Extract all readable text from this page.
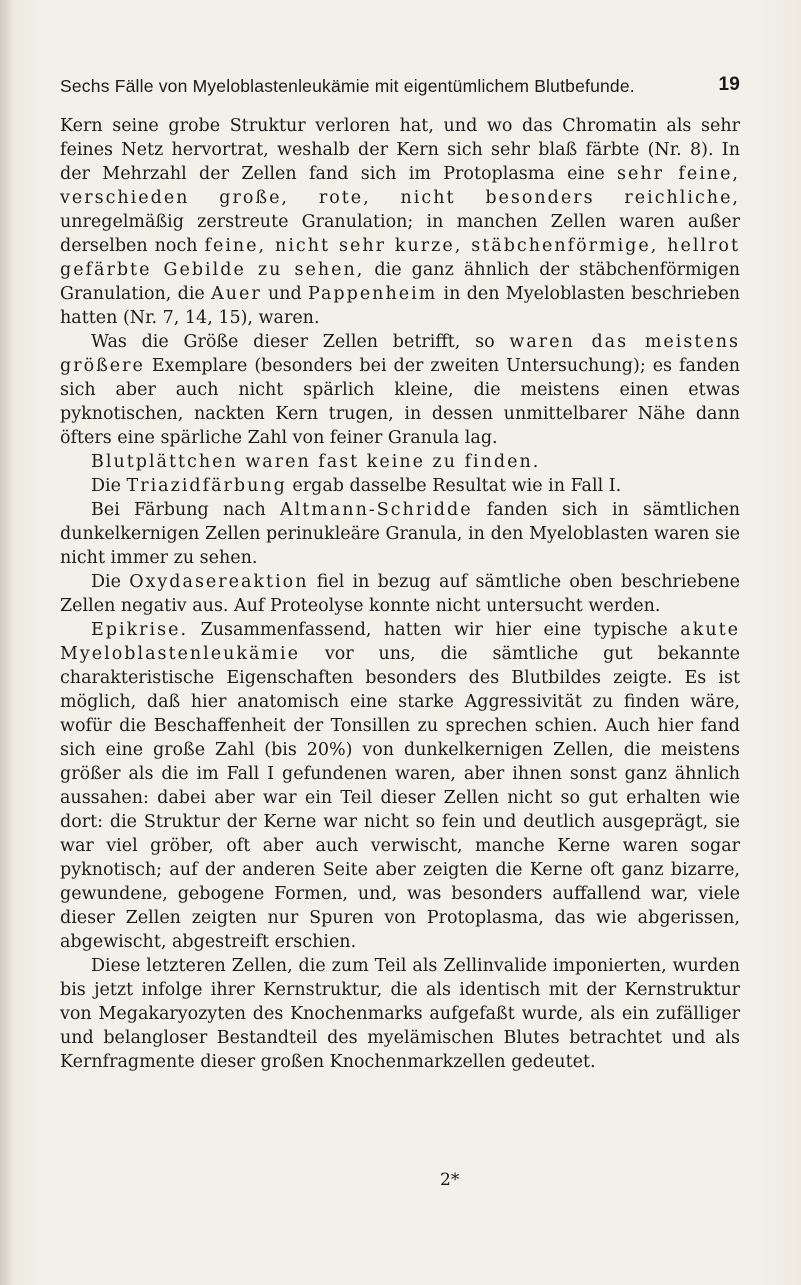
Sechs Fälle von Myeloblastenleukämie mit eigentümlichem Blutbefunde.	19

Kern seine grobe Struktur verloren hat, und wo das Chromatin als sehr feines Netz hervortrat, weshalb der Kern sich sehr blaß färbte (Nr. 8). In der Mehrzahl der Zellen fand sich im Protoplasma eine sehr feine, verschieden große, rote, nicht besonders reichliche, unregelmäßig zerstreute Granulation; in manchen Zellen waren außer derselben noch feine, nicht sehr kurze, stäbchenförmige, hellrot gefärbte Gebilde zu sehen, die ganz ähnlich der stäbchenförmigen Granulation, die Auer und Pappenheim in den Myeloblasten beschrieben hatten (Nr. 7, 14, 15), waren.

Was die Größe dieser Zellen betrifft, so waren das meistens größere Exemplare (besonders bei der zweiten Untersuchung); es fanden sich aber auch nicht spärlich kleine, die meistens einen etwas pyknotischen, nackten Kern trugen, in dessen unmittelbarer Nähe dann öfters eine spärliche Zahl von feiner Granula lag.

Blutplättchen waren fast keine zu finden.

Die Triazidfärbung ergab dasselbe Resultat wie in Fall I.

Bei Färbung nach Altmann-Schridde fanden sich in sämtlichen dunkelkernigen Zellen perinukleäre Granula, in den Myeloblasten waren sie nicht immer zu sehen.

Die Oxydasereaktion fiel in bezug auf sämtliche oben beschriebene Zellen negativ aus. Auf Proteolyse konnte nicht untersucht werden.

Epikrise. Zusammenfassend, hatten wir hier eine typische akute Myeloblastenleukämie vor uns, die sämtliche gut bekannte charakteristische Eigenschaften besonders des Blutbildes zeigte. Es ist möglich, daß hier anatomisch eine starke Aggressivität zu finden wäre, wofür die Beschaffenheit der Tonsillen zu sprechen schien. Auch hier fand sich eine große Zahl (bis 20%) von dunkelkernigen Zellen, die meistens größer als die im Fall I gefundenen waren, aber ihnen sonst ganz ähnlich aussahen: dabei aber war ein Teil dieser Zellen nicht so gut erhalten wie dort: die Struktur der Kerne war nicht so fein und deutlich ausgeprägt, sie war viel gröber, oft aber auch verwischt, manche Kerne waren sogar pyknotisch; auf der anderen Seite aber zeigten die Kerne oft ganz bizarre, gewundene, gebogene Formen, und, was besonders auffallend war, viele dieser Zellen zeigten nur Spuren von Protoplasma, das wie abgerissen, abgewischt, abgestreift erschien.

Diese letzteren Zellen, die zum Teil als Zellinvalide imponierten, wurden bis jetzt infolge ihrer Kernstruktur, die als identisch mit der Kernstruktur von Megakaryozyten des Knochenmarks aufgefaßt wurde, als ein zufälliger und belangloser Bestandteil des myelämischen Blutes betrachtet und als Kernfragmente dieser großen Knochenmarkzellen gedeutet.

2*
